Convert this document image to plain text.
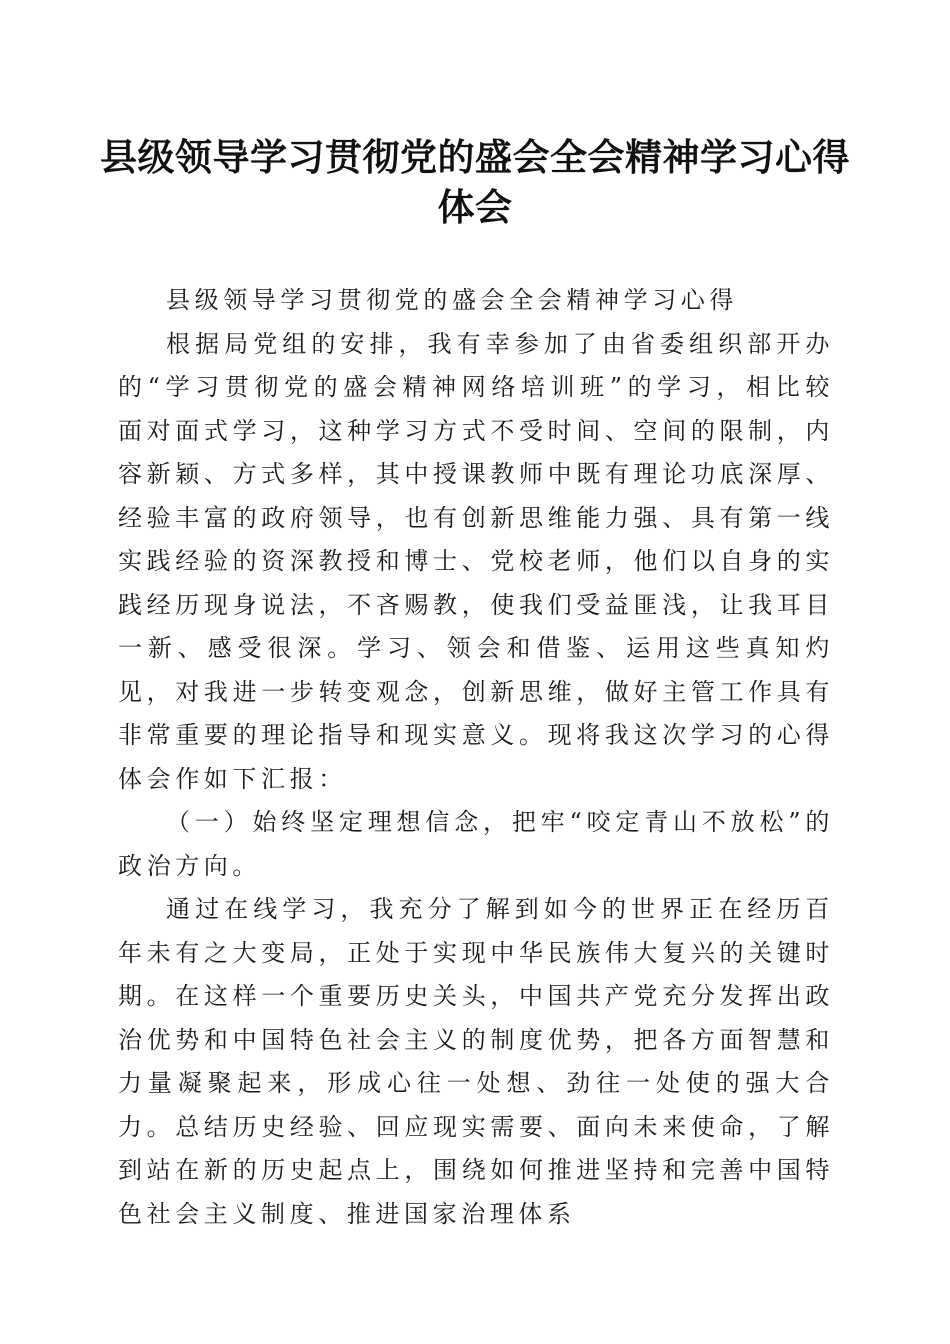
县级领导学习贯彻党的盛会全会精神学习心得
体会

县级领导学习贯彻党的盛会全会精神学习心得

根据局党组的安排，我有幸参加了由省委组织部开办的“学习贯彻党的盛会精神网络培训班”的学习，相比较面对面式学习，这种学习方式不受时间、空间的限制，内容新颖、方式多样，其中授课教师中既有理论功底深厚、经验丰富的政府领导，也有创新思维能力强、具有第一线实践经验的资深教授和博士、党校老师，他们以自身的实践经历现身说法，不吝赐教，使我们受益匪浅，让我耳目一新、感受很深。学习、领会和借鉴、运用这些真知灼见，对我进一步转变观念，创新思维，做好主管工作具有非常重要的理论指导和现实意义。现将我这次学习的心得体会作如下汇报：

（一）始终坚定理想信念，把牢“咬定青山不放松”的政治方向。

通过在线学习，我充分了解到如今的世界正在经历百年未有之大变局，正处于实现中华民族伟大复兴的关键时期。在这样一个重要历史关头，中国共产党充分发挥出政治优势和中国特色社会主义的制度优势，把各方面智慧和力量凝聚起来，形成心往一处想、劲往一处使的强大合力。总结历史经验、回应现实需要、面向未来使命，了解到站在新的历史起点上，围绕如何推进坚持和完善中国特色社会主义制度、推进国家治理体系
